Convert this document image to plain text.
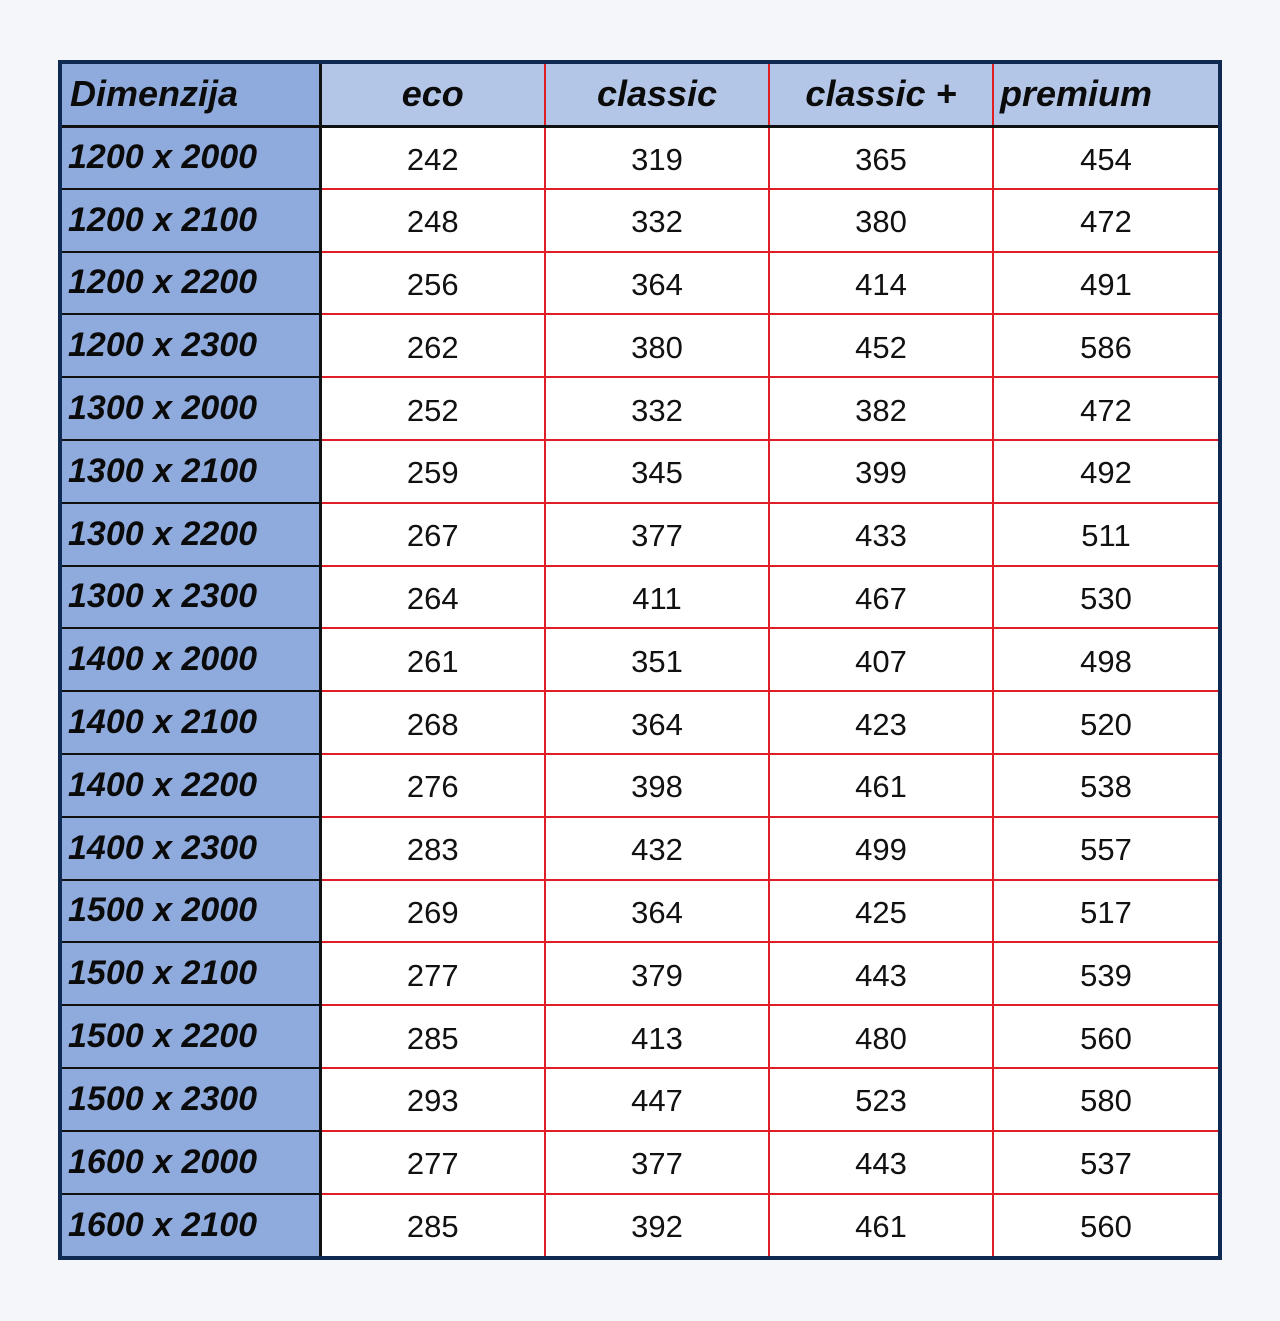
Dimenzija	eco	classic	classic +	premium
1200 x 2000	242	319	365	454
1200 x 2100	248	332	380	472
1200 x 2200	256	364	414	491
1200 x 2300	262	380	452	586
1300 x 2000	252	332	382	472
1300 x 2100	259	345	399	492
1300 x 2200	267	377	433	511
1300 x 2300	264	411	467	530
1400 x 2000	261	351	407	498
1400 x 2100	268	364	423	520
1400 x 2200	276	398	461	538
1400 x 2300	283	432	499	557
1500 x 2000	269	364	425	517
1500 x 2100	277	379	443	539
1500 x 2200	285	413	480	560
1500 x 2300	293	447	523	580
1600 x 2000	277	377	443	537
1600 x 2100	285	392	461	560
